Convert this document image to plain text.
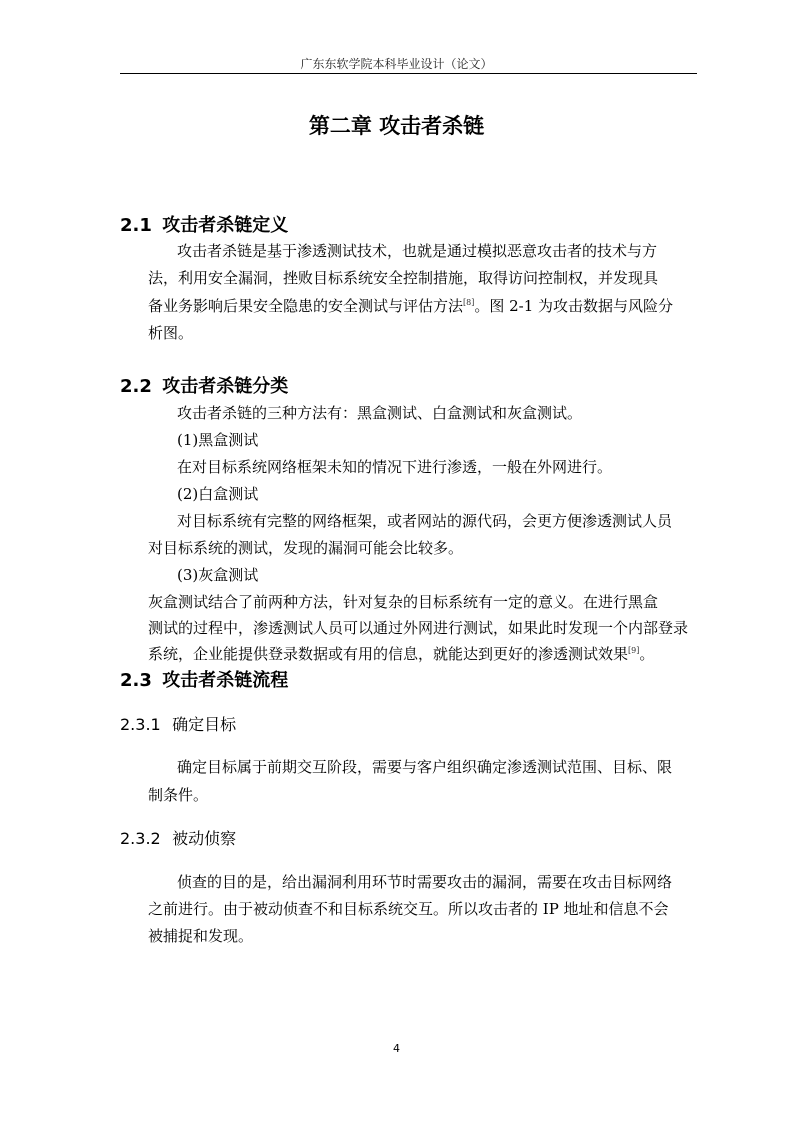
广东东软学院本科毕业设计（论文）
第二章 攻击者杀链
2.1 攻击者杀链定义
攻击者杀链是基于渗透测试技术，也就是通过模拟恶意攻击者的技术与方
法，利用安全漏洞，挫败目标系统安全控制措施，取得访问控制权，并发现具
备业务影响后果安全隐患的安全测试与评估方法[8]。图 2-1 为攻击数据与风险分
析图。
2.2 攻击者杀链分类
攻击者杀链的三种方法有：黑盒测试、白盒测试和灰盒测试。
(1)黑盒测试
在对目标系统网络框架未知的情况下进行渗透，一般在外网进行。
(2)白盒测试
对目标系统有完整的网络框架，或者网站的源代码，会更方便渗透测试人员
对目标系统的测试，发现的漏洞可能会比较多。
(3)灰盒测试
灰盒测试结合了前两种方法，针对复杂的目标系统有一定的意义。在进行黑盒
测试的过程中，渗透测试人员可以通过外网进行测试，如果此时发现一个内部登录
系统，企业能提供登录数据或有用的信息，就能达到更好的渗透测试效果[9]。
2.3 攻击者杀链流程
2.3.1 确定目标
确定目标属于前期交互阶段，需要与客户组织确定渗透测试范围、目标、限
制条件。
2.3.2 被动侦察
侦查的目的是，给出漏洞利用环节时需要攻击的漏洞，需要在攻击目标网络
之前进行。由于被动侦查不和目标系统交互。所以攻击者的 IP 地址和信息不会
被捕捉和发现。
4
